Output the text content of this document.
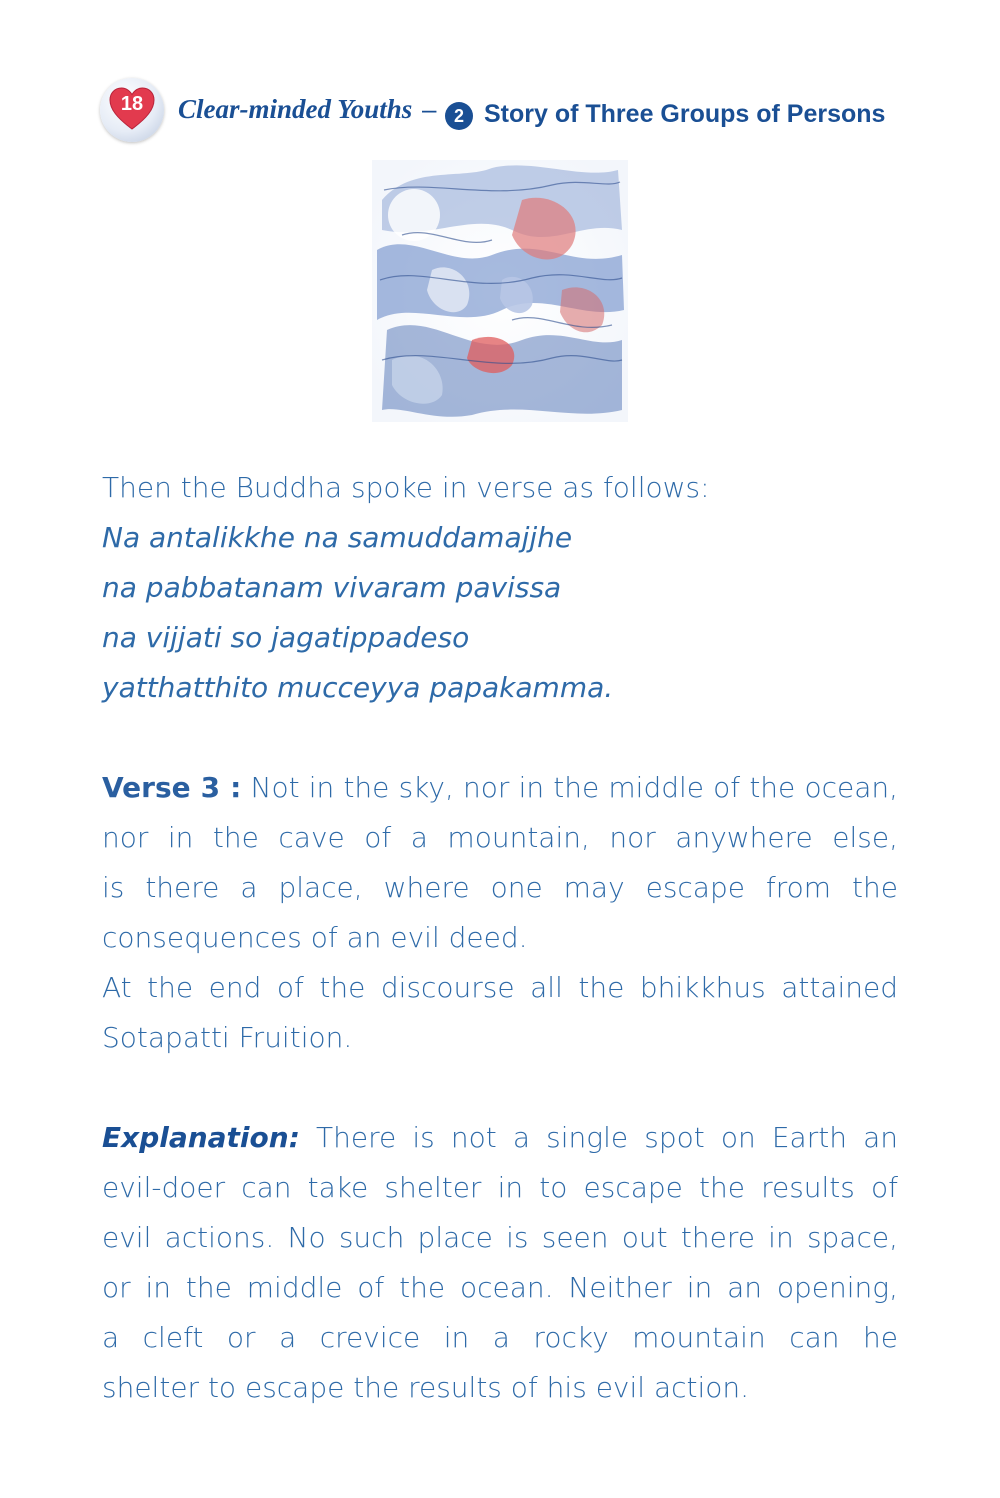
18	Clear-minded Youths – 2 Story of Three Groups of Persons
Then the Buddha spoke in verse as follows:
Na antalikkhe na samuddamajjhe
na pabbatanam vivaram pavissa
na vijjati so jagatippadeso
yatthatthito mucceyya papakamma.
Verse 3 : Not in the sky, nor in the middle of the ocean,
nor in the cave of a mountain, nor anywhere else,
is there a place, where one may escape from the
consequences of an evil deed.
At the end of the discourse all the bhikkhus attained
Sotapatti Fruition.
Explanation: There is not a single spot on Earth an
evil-doer can take shelter in to escape the results of
evil actions. No such place is seen out there in space,
or in the middle of the ocean. Neither in an opening,
a cleft or a crevice in a rocky mountain can he
shelter to escape the results of his evil action.
